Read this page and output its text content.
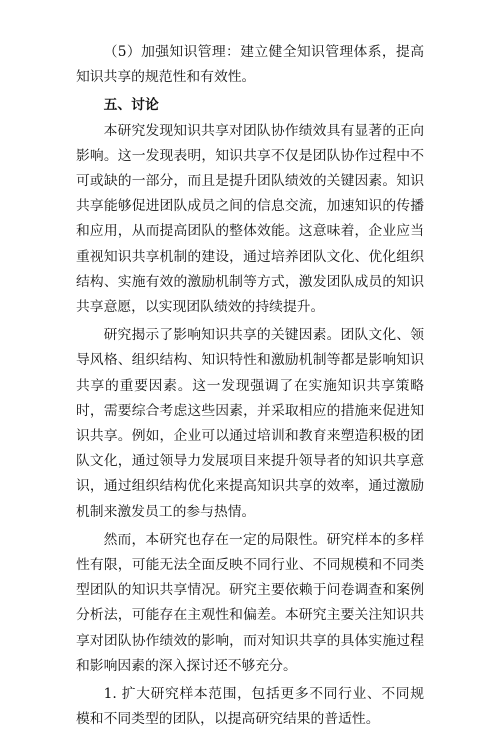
（5）加强知识管理：建立健全知识管理体系，提高知识共享的规范性和有效性。

五、讨论

本研究发现知识共享对团队协作绩效具有显著的正向影响。这一发现表明，知识共享不仅是团队协作过程中不可或缺的一部分，而且是提升团队绩效的关键因素。知识共享能够促进团队成员之间的信息交流，加速知识的传播和应用，从而提高团队的整体效能。这意味着，企业应当重视知识共享机制的建设，通过培养团队文化、优化组织结构、实施有效的激励机制等方式，激发团队成员的知识共享意愿，以实现团队绩效的持续提升。

研究揭示了影响知识共享的关键因素。团队文化、领导风格、组织结构、知识特性和激励机制等都是影响知识共享的重要因素。这一发现强调了在实施知识共享策略时，需要综合考虑这些因素，并采取相应的措施来促进知识共享。例如，企业可以通过培训和教育来塑造积极的团队文化，通过领导力发展项目来提升领导者的知识共享意识，通过组织结构优化来提高知识共享的效率，通过激励机制来激发员工的参与热情。

然而，本研究也存在一定的局限性。研究样本的多样性有限，可能无法全面反映不同行业、不同规模和不同类型团队的知识共享情况。研究主要依赖于问卷调查和案例分析法，可能存在主观性和偏差。本研究主要关注知识共享对团队协作绩效的影响，而对知识共享的具体实施过程和影响因素的深入探讨还不够充分。

1. 扩大研究样本范围，包括更多不同行业、不同规模和不同类型的团队，以提高研究结果的普适性。
